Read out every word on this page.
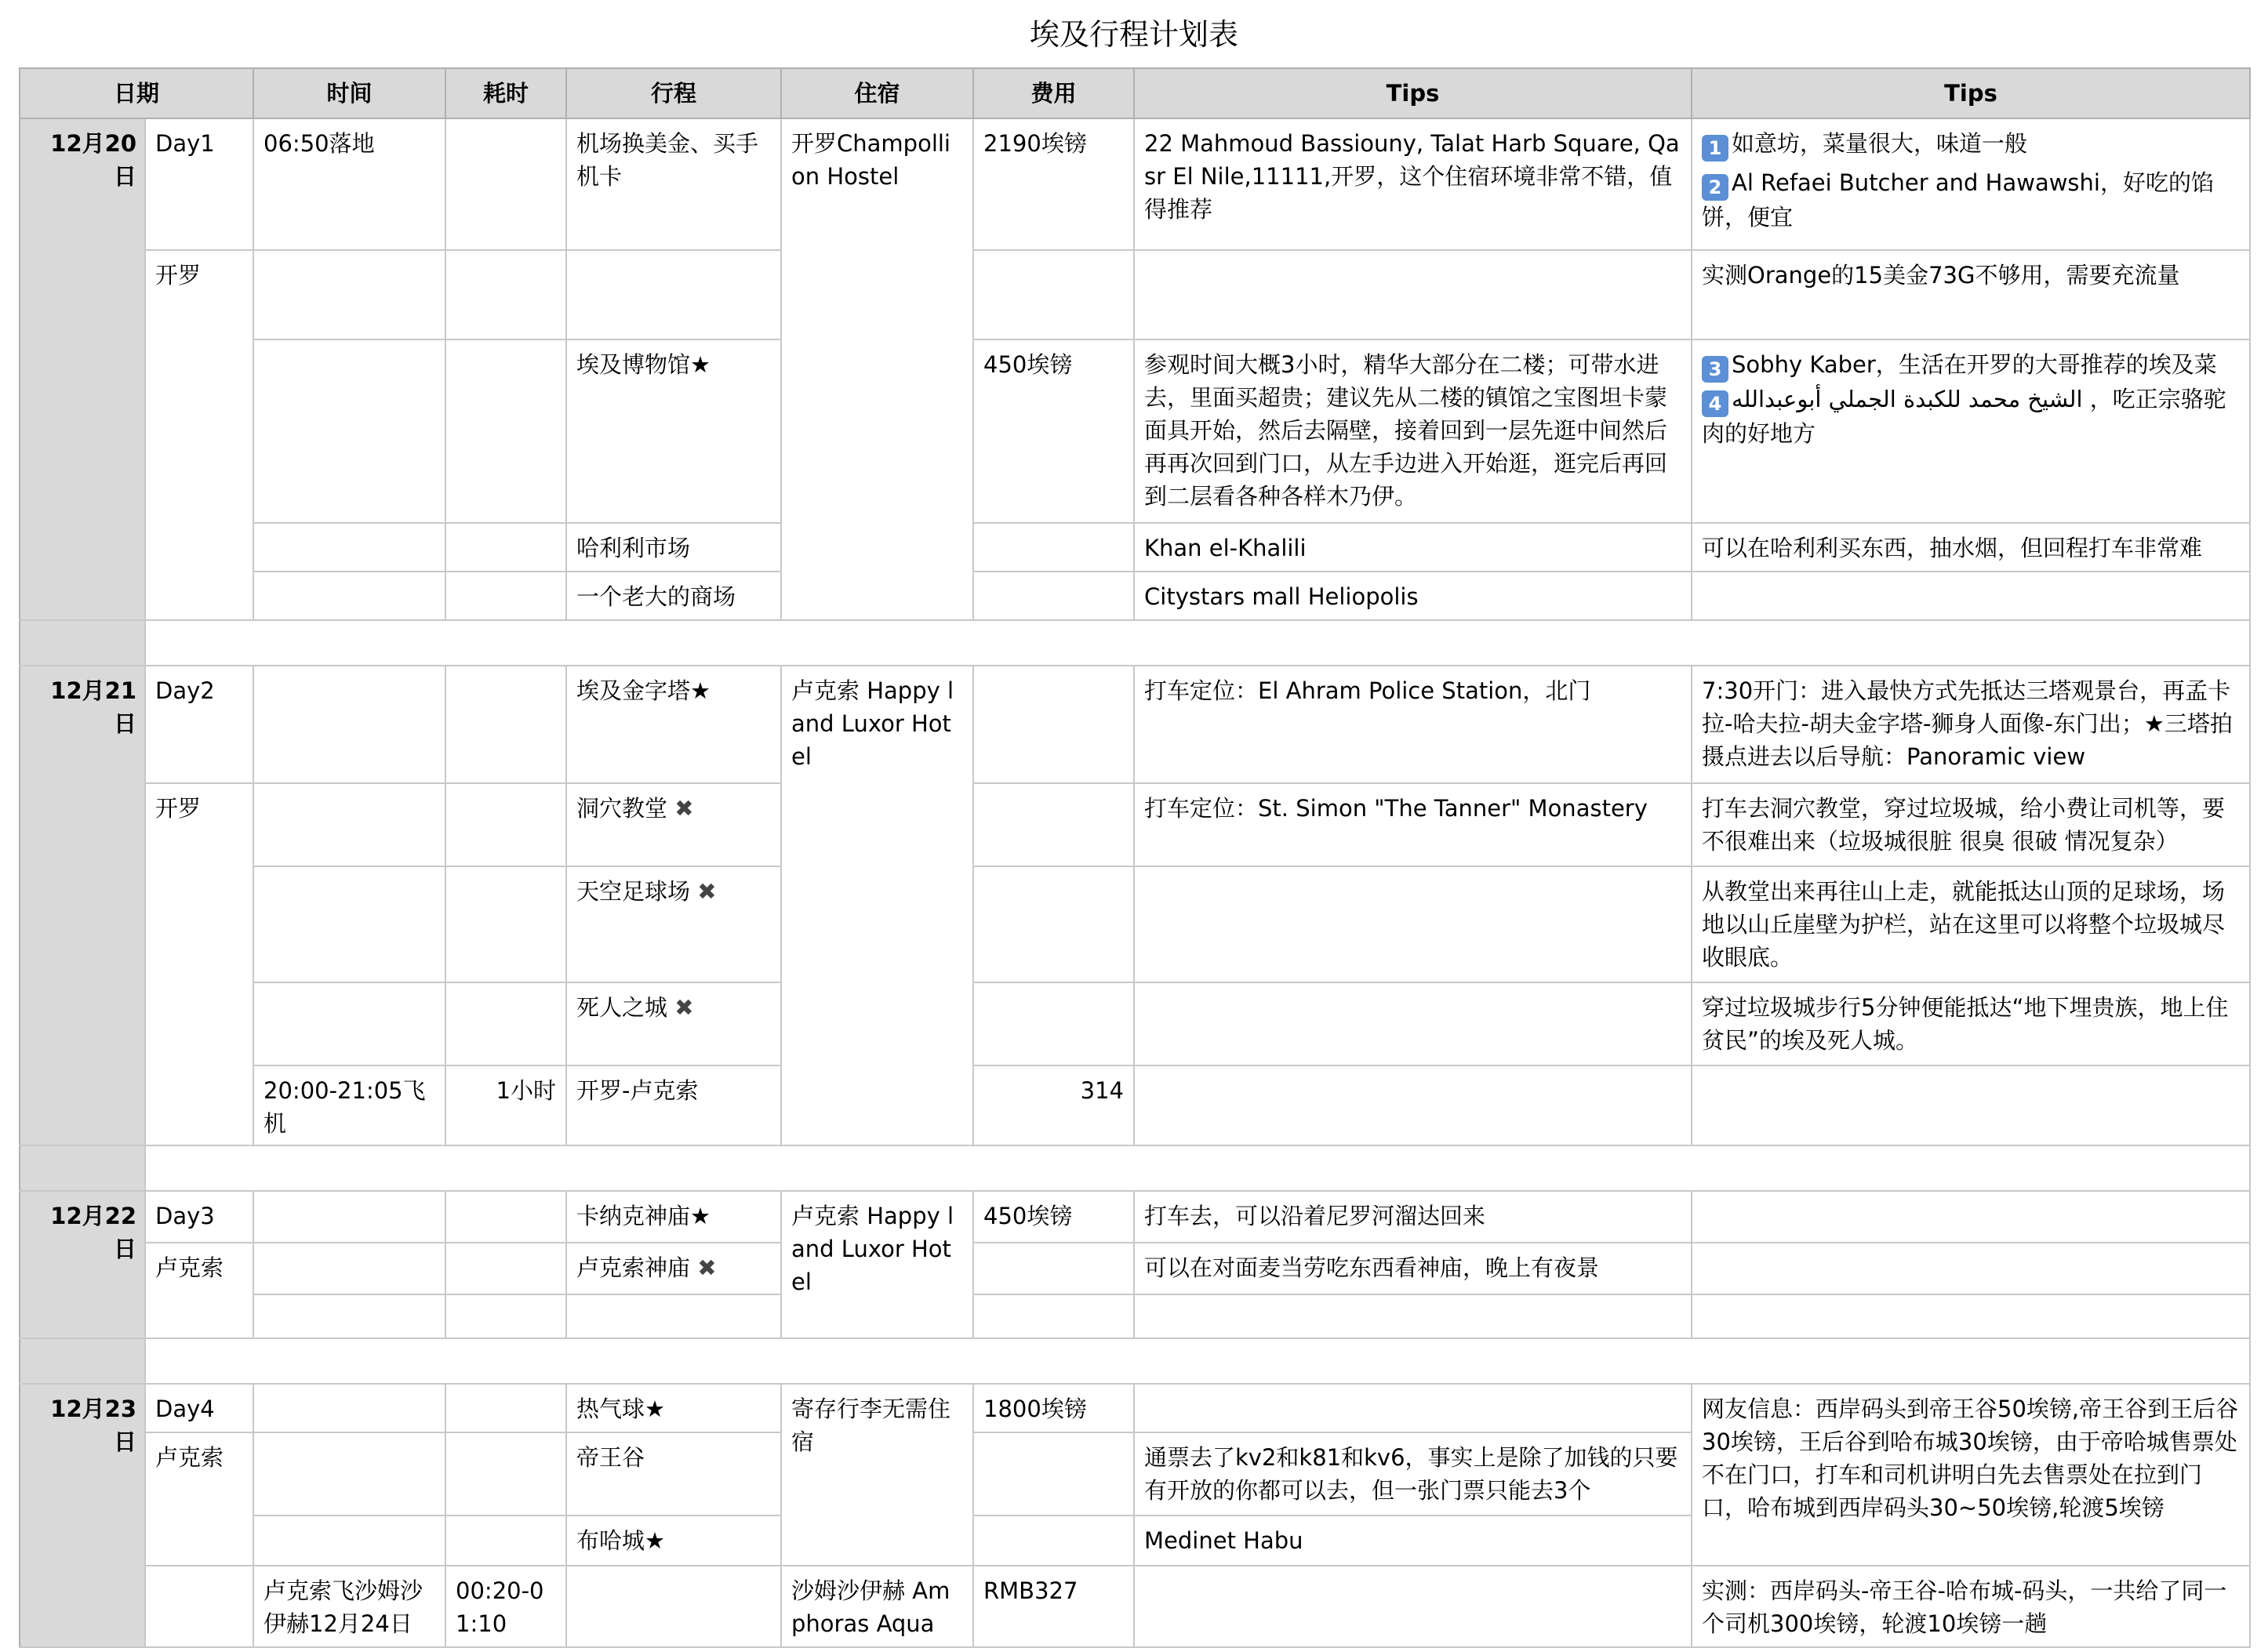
埃及行程计划表
日期		时间	耗时	行程	住宿	费用	Tips	Tips
12月20日	Day1	06:50落地		机场换美金、买手机卡	开罗Champollion Hostel	2190埃镑	22 Mahmoud Bassiouny, Talat Harb Square, Qasr El Nile,11111,开罗，这个住宿环境非常不错，值得推荐	1 如意坊，菜量很大，味道一般
2 Al Refaei Butcher and Hawawshi，好吃的馅饼，便宜

	开罗							实测Orange的15美金73G不够用，需要充流量
				埃及博物馆★		450埃镑	参观时间大概3小时，精华大部分在二楼；可带水进去，里面买超贵；建议先从二楼的镇馆之宝图坦卡蒙面具开始，然后去隔壁，接着回到一层先逛中间然后再再次回到门口，从左手边进入开始逛，逛完后再回到二层看各种各样木乃伊。	3 Sobhy Kaber，生活在开罗的大哥推荐的埃及菜
4 الشيخ محمد للكبدة الجملي أبوعبدالله ，吃正宗骆驼肉的好地方

				哈利利市场			Khan el-Khalili	可以在哈利利买东西，抽水烟，但回程打车非常难
				一个老大的商场			Citystars mall Heliopolis	

12月21日	Day2			埃及金字塔★	卢克索 Happy land Luxor Hotel		打车定位：El Ahram Police Station，北门	7:30开门：进入最快方式先抵达三塔观景台，再孟卡拉-哈夫拉-胡夫金字塔-狮身人面像-东门出；★三塔拍摄点进去以后导航：Panoramic view
	开罗			洞穴教堂 ✖			打车定位：St. Simon "The Tanner" Monastery	打车去洞穴教堂，穿过垃圾城，给小费让司机等，要不很难出来（垃圾城很脏 很臭 很破 情况复杂）
				天空足球场 ✖				从教堂出来再往山上走，就能抵达山顶的足球场，场地以山丘崖壁为护栏，站在这里可以将整个垃圾城尽收眼底。
				死人之城 ✖				穿过垃圾城步行5分钟便能抵达“地下埋贵族，地上住贫民”的埃及死人城。
		20:00-21:05飞机	1小时	开罗-卢克索		314		

12月22日	Day3			卡纳克神庙★	卢克索 Happy land Luxor Hotel	450埃镑	打车去，可以沿着尼罗河溜达回来	
	卢克索			卢克索神庙 ✖			可以在对面麦当劳吃东西看神庙，晚上有夜景	

12月23日	Day4			热气球★	寄存行李无需住宿	1800埃镑		网友信息：西岸码头到帝王谷50埃镑,帝王谷到王后谷30埃镑，王后谷到哈布城30埃镑，由于帝哈城售票处不在门口，打车和司机讲明白先去售票处在拉到门口，哈布城到西岸码头30~50埃镑,轮渡5埃镑
	卢克索			帝王谷			通票去了kv2和k81和kv6，事实上是除了加钱的只要有开放的你都可以去，但一张门票只能去3个	
				布哈城★			Medinet Habu	
		卢克索飞沙姆沙伊赫12月24日	00:20-01:10		沙姆沙伊赫 Amphoras Aqua	RMB327		实测：西岸码头-帝王谷-哈布城-码头，一共给了同一个司机300埃镑，轮渡10埃镑一趟
